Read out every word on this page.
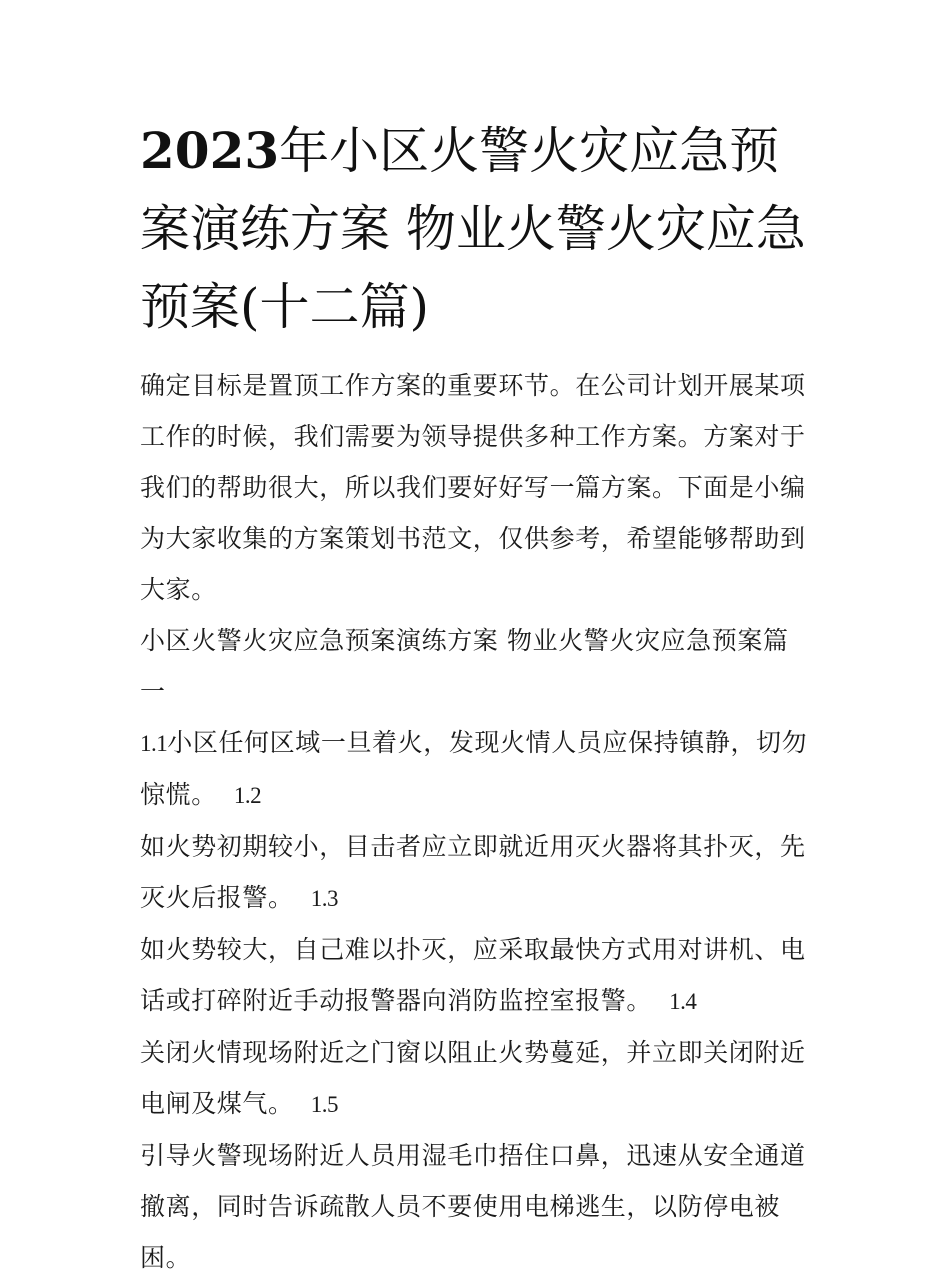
2023年小区火警火灾应急预案演练方案 物业火警火灾应急预案(十二篇)

确定目标是置顶工作方案的重要环节。在公司计划开展某项工作的时候，我们需要为领导提供多种工作方案。方案对于我们的帮助很大，所以我们要好好写一篇方案。下面是小编为大家收集的方案策划书范文，仅供参考，希望能够帮助到大家。

小区火警火灾应急预案演练方案 物业火警火灾应急预案篇一

1.1小区任何区域一旦着火，发现火情人员应保持镇静，切勿惊慌。 1.2

如火势初期较小，目击者应立即就近用灭火器将其扑灭，先灭火后报警。 1.3

如火势较大，自己难以扑灭，应采取最快方式用对讲机、电话或打碎附近手动报警器向消防监控室报警。 1.4

关闭火情现场附近之门窗以阻止火势蔓延，并立即关闭附近电闸及煤气。 1.5

引导火警现场附近人员用湿毛巾捂住口鼻，迅速从安全通道撤离，同时告诉疏散人员不要使用电梯逃生，以防停电被困。
